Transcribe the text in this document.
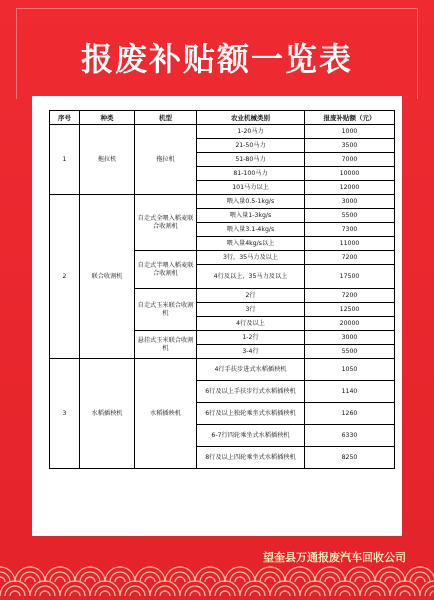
报废补贴额一览表
序号	种类	机型	农业机械类别	报废补贴额（元）
1	拖拉机	拖拉机	1-20马力	1000
			21-50马力	3500
			51-80马力	7000
			81-100马力	10000
			101马力以上	12000
2	联合收割机	自走式全喂入稻麦联合收割机	喂入量0.5-1kg/s	3000
			喂入量1-3kg/s	5500
			喂入量3.1-4kg/s	7300
			喂入量4kg/s以上	11000
		自走式半喂入稻麦联合收割机	3行，35马力及以上	7200
			4行及以上，35马力及以上	17500
		自走式玉米联合收割机	2行	7200
			3行	12500
			4行及以上	20000
		悬挂式玉米联合收割机	1-2行	3000
			3-4行	5500
3	水稻插秧机	水稻插秧机	4行手扶步进式水稻插秧机	1050
			6行及以上手扶步行式水稻插秧机	1140
			6行及以上独轮乘坐式水稻插秧机	1260
			6-7行四轮乘坐式水稻插秧机	6330
			8行及以上四轮乘坐式水稻插秧机	8250
望奎县万通报废汽车回收公司
